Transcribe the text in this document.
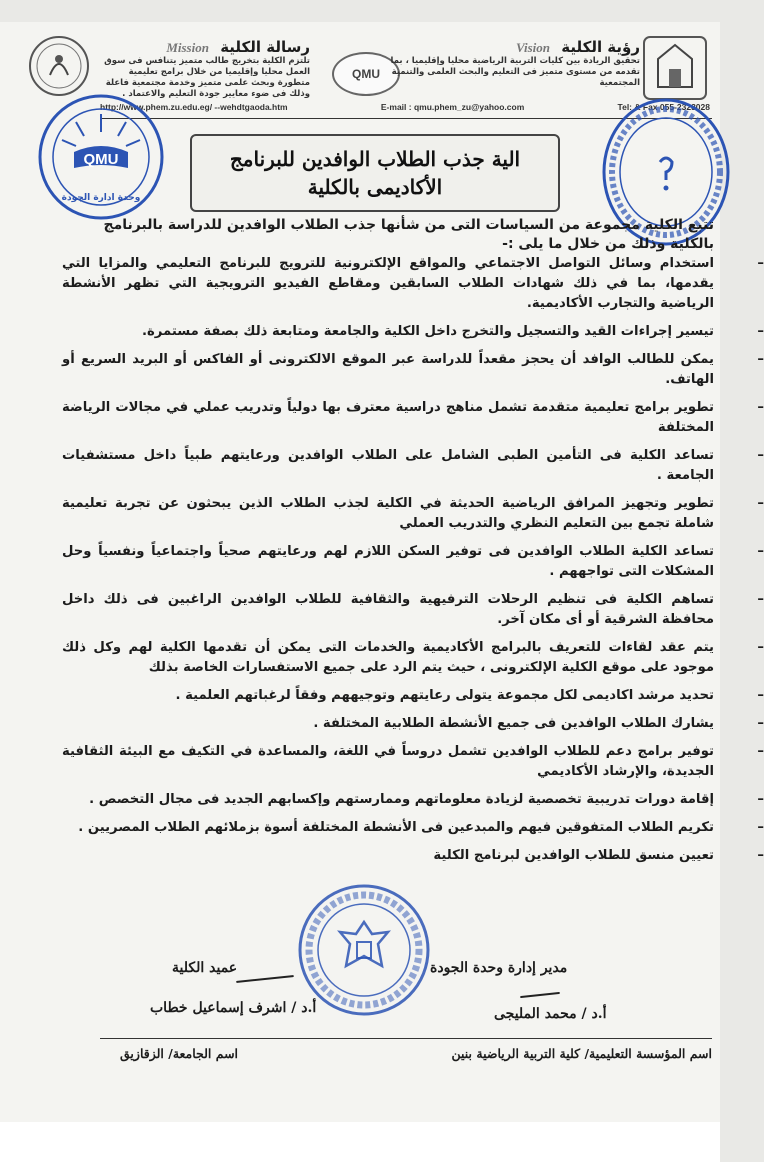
رسالة الكلية Mission
تلتزم الكلية بتخريج طالب متميز يتنافس فى سوق العمل محليا وإقليميا من خلال برامج تعليمية متطورة وبحث علمى متميز وخدمة مجتمعية فاعلة وذلك فى ضوء معايير جودة التعليم والاعتماد .
QMU
رؤية الكلية Vision
تحقيق الريادة بين كليات التربية الرياضية محليا وإقليميا ، بما تقدمه من مستوى متميز فى التعليم والبحث العلمى والتنمية المجتمعية
http://www.phem.zu.edu.eg/ --wehdtgaoda.htm	E-mail : qmu.phem_zu@yahoo.com	Tel: & Fax 055-2323028
QMU
وحدة ادارة الجودة
الية جذب الطلاب الوافدين للبرنامج
الأكاديمى بالكلية
تتبع الكلية مجموعة من السياسات التى من شأنها جذب الطلاب الوافدين للدراسة بالبرنامج بالكلية وذلك من خلال ما يلى :-
–
استخدام وسائل التواصل الاجتماعي والمواقع الإلكترونية للترويج للبرنامج التعليمي والمزايا التي يقدمها، بما في ذلك شهادات الطلاب السابقين ومقاطع الفيديو الترويجية التي تظهر الأنشطة الرياضية والتجارب الأكاديمية.
–
تيسير إجراءات القيد والتسجيل والتخرج داخل الكلية والجامعة ومتابعة ذلك بصفة مستمرة.
–
يمكن للطالب الوافد أن يحجز مقعداً للدراسة عبر الموقع الالكترونى أو الفاكس أو البريد السريع أو الهاتف.
–
تطوير برامج تعليمية متقدمة تشمل مناهج دراسية معترف بها دولياً وتدريب عملي في مجالات الرياضة المختلفة
–
تساعد الكلية فى التأمين الطبى الشامل على الطلاب الوافدين ورعايتهم طبياً داخل مستشفيات الجامعة .
–
تطوير وتجهيز المرافق الرياضية الحديثة في الكلية لجذب الطلاب الذين يبحثون عن تجربة تعليمية شاملة تجمع بين التعليم النظري والتدريب العملي
–
تساعد الكلية الطلاب الوافدين فى توفير السكن اللازم لهم ورعايتهم صحياً واجتماعياً ونفسياً وحل المشكلات التى تواجههم .
–
تساهم الكلية فى تنظيم الرحلات الترفيهية والثقافية للطلاب الوافدين الراغبين فى ذلك داخل محافظة الشرقية أو أى مكان آخر.
–
يتم عقد لقاءات للتعريف بالبرامج الأكاديمية والخدمات التى يمكن أن تقدمها الكلية لهم وكل ذلك موجود على موقع الكلية الإلكترونى ، حيث يتم الرد على جميع الاستفسارات الخاصة بذلك
–
تحديد مرشد اكاديمى لكل مجموعة يتولى رعايتهم وتوجيههم وفقاً لرغباتهم العلمية .
–
يشارك الطلاب الوافدين فى جميع الأنشطة الطلابية المختلفة .
–
توفير برامج دعم للطلاب الوافدين تشمل دروساً في اللغة، والمساعدة في التكيف مع البيئة الثقافية الجديدة، والإرشاد الأكاديمي
–
إقامة دورات تدريبية تخصصية لزيادة معلوماتهم وممارستهم وإكسابهم الجديد فى مجال التخصص .
–
تكريم الطلاب المتفوقين فيهم والمبدعين فى الأنشطة المختلفة أسوة بزملائهم الطلاب المصريين .
–
تعيين منسق للطلاب الوافدين لبرنامج الكلية
عميد الكلية
أ.د / اشرف إسماعيل خطاب
مدير إدارة وحدة الجودة
أ.د / محمد المليجى
اسم المؤسسة التعليمية/ كلية التربية الرياضية بنين
اسم الجامعة/ الزقازيق
